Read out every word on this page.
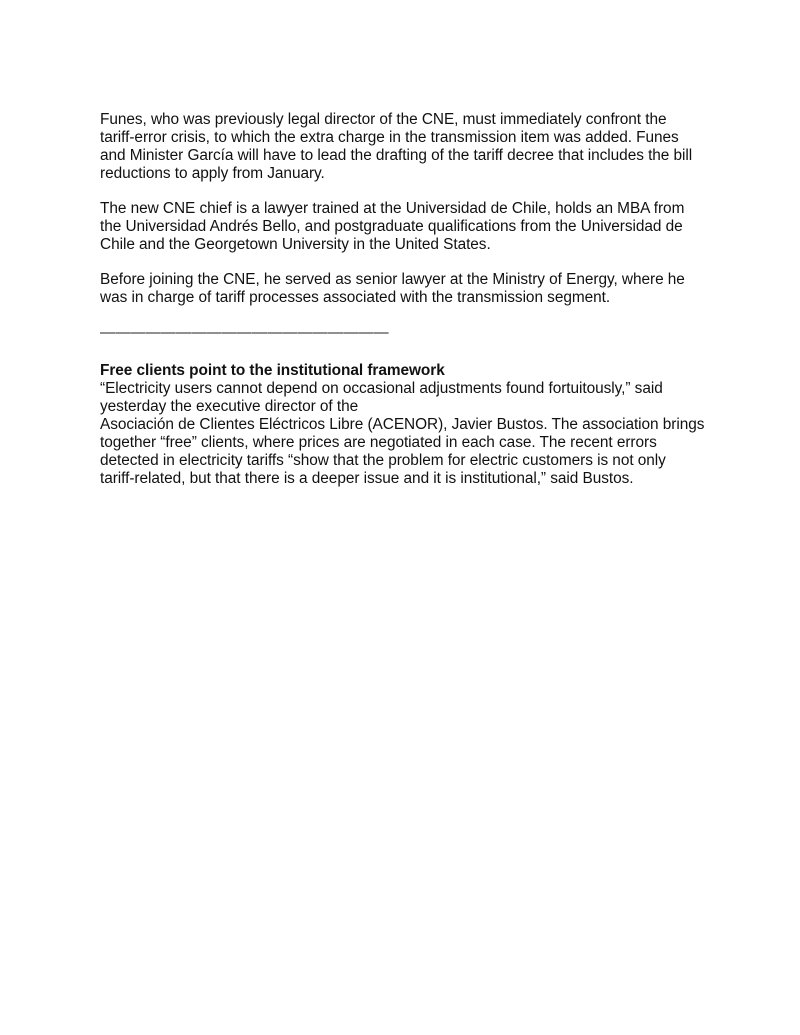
Funes, who was previously legal director of the CNE, must immediately confront the
tariff-error crisis, to which the extra charge in the transmission item was added. Funes
and Minister García will have to lead the drafting of the tariff decree that includes the bill
reductions to apply from January.

The new CNE chief is a lawyer trained at the Universidad de Chile, holds an MBA from
the Universidad Andrés Bello, and postgraduate qualifications from the Universidad de
Chile and the Georgetown University in the United States.

Before joining the CNE, he served as senior lawyer at the Ministry of Energy, where he
was in charge of tariff processes associated with the transmission segment.

———————————————————
Free clients point to the institutional framework

“Electricity users cannot depend on occasional adjustments found fortuitously,” said
yesterday the executive director of the
Asociación de Clientes Eléctricos Libre (ACENOR), Javier Bustos. The association brings
together “free” clients, where prices are negotiated in each case. The recent errors
detected in electricity tariffs “show that the problem for electric customers is not only
tariff-related, but that there is a deeper issue and it is institutional,” said Bustos.
